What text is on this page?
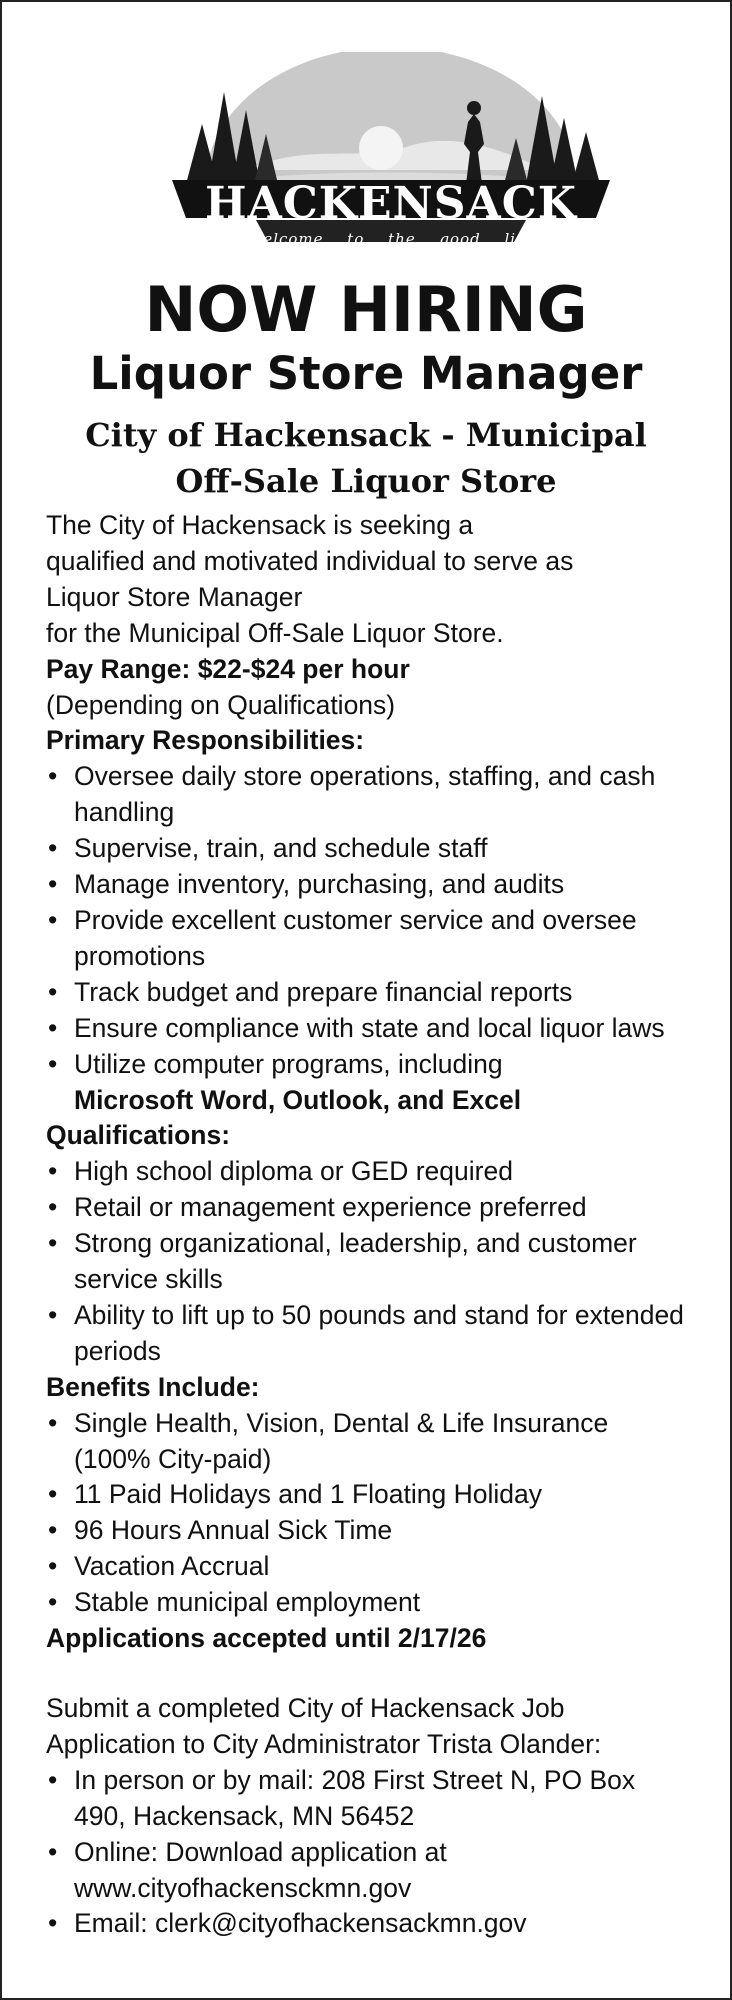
HACKENSACK
welcome to the good life
NOW HIRING
Liquor Store Manager
City of Hackensack - Municipal
Off-Sale Liquor Store

The City of Hackensack is seeking a

qualified and motivated individual to serve as

Liquor Store Manager

for the Municipal Off-Sale Liquor Store.

Pay Range: $22-$24 per hour

(Depending on Qualifications)

Primary Responsibilities:

• Oversee daily store operations, staffing, and cash handling
• Supervise, train, and schedule staff
• Manage inventory, purchasing, and audits
• Provide excellent customer service and oversee promotions
• Track budget and prepare financial reports
• Ensure compliance with state and local liquor laws
• Utilize computer programs, including
Microsoft Word, Outlook, and Excel

Qualifications:

• High school diploma or GED required
• Retail or management experience preferred
• Strong organizational, leadership, and customer service skills
• Ability to lift up to 50 pounds and stand for extended periods

Benefits Include:

• Single Health, Vision, Dental & Life Insurance (100% City-paid)
• 11 Paid Holidays and 1 Floating Holiday
• 96 Hours Annual Sick Time
• Vacation Accrual
• Stable municipal employment

Applications accepted until 2/17/26

Submit a completed City of Hackensack Job

Application to City Administrator Trista Olander:

• In person or by mail: 208 First Street N, PO Box 490, Hackensack, MN 56452
• Online: Download application at www.cityofhackensckmn.gov
• Email: clerk@cityofhackensackmn.gov
